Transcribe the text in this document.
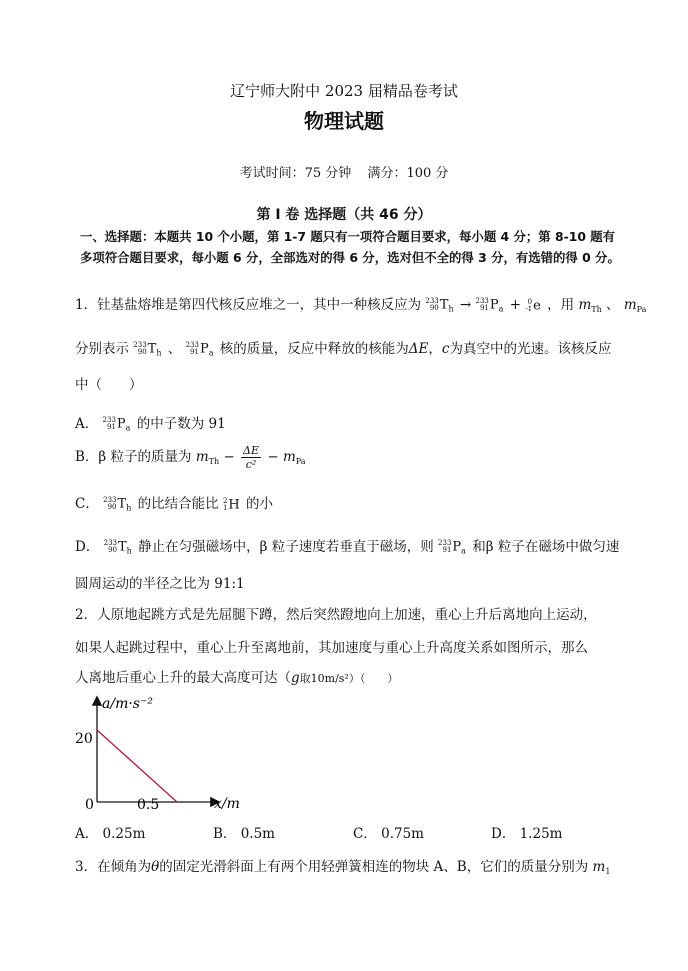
辽宁师大附中 2023 届精品卷考试
物理试题
考试时间：75 分钟 满分：100 分
第 Ⅰ 卷 选择题（共 46 分）
一、选择题：本题共 10 个小题，第 1-7 题只有一项符合题目要求，每小题 4 分；第 8-10 题有多项符合题目要求，每小题 6 分，全部选对的得 6 分，选对但不全的得 3 分，有选错的得 0 分。
1．钍基盐熔堆是第四代核反应堆之一，其中一种核反应为 233
90 $T_h \to 233$
91 $P_a + 0$
-1 e ，用 $m_{Th}$ 、 $m_{Pa}$
分别表示 233
90 $T_h$ 、 233
91 $P_a$ 核的质量，反应中释放的核能为ΔE，c为真空中的光速。该核反应
中（　　）
A． 233
91 $P_a$ 的中子数为 91
B．β 粒子的质量为 $m_{Th} - \frac{\Delta E}{\text{c²}} - m_{Pa}$
C． 233
90 $T_h$ 的比结合能比 2
1 H 的小
D． 233
90 $T_h$ 静止在匀强磁场中，β 粒子速度若垂直于磁场，则 233
91 $P_a$ 和β 粒子在磁场中做匀速
圆周运动的半径之比为 91:1
2．人原地起跳方式是先屈腿下蹲，然后突然蹬地向上加速，重心上升后离地向上运动，
如果人起跳过程中，重心上升至离地前，其加速度与重心上升高度关系如图所示，那么
人离地后重心上升的最大高度可达（g取10m/s²）（　　）
a/m·s⁻²
x/m
0
20
0.5
A． 0.25m	B． 0.5m	C． 0.75m	D． 1.25m
3．在倾角为θ的固定光滑斜面上有两个用轻弹簧相连的物块 A、B，它们的质量分别为 $m_1$
